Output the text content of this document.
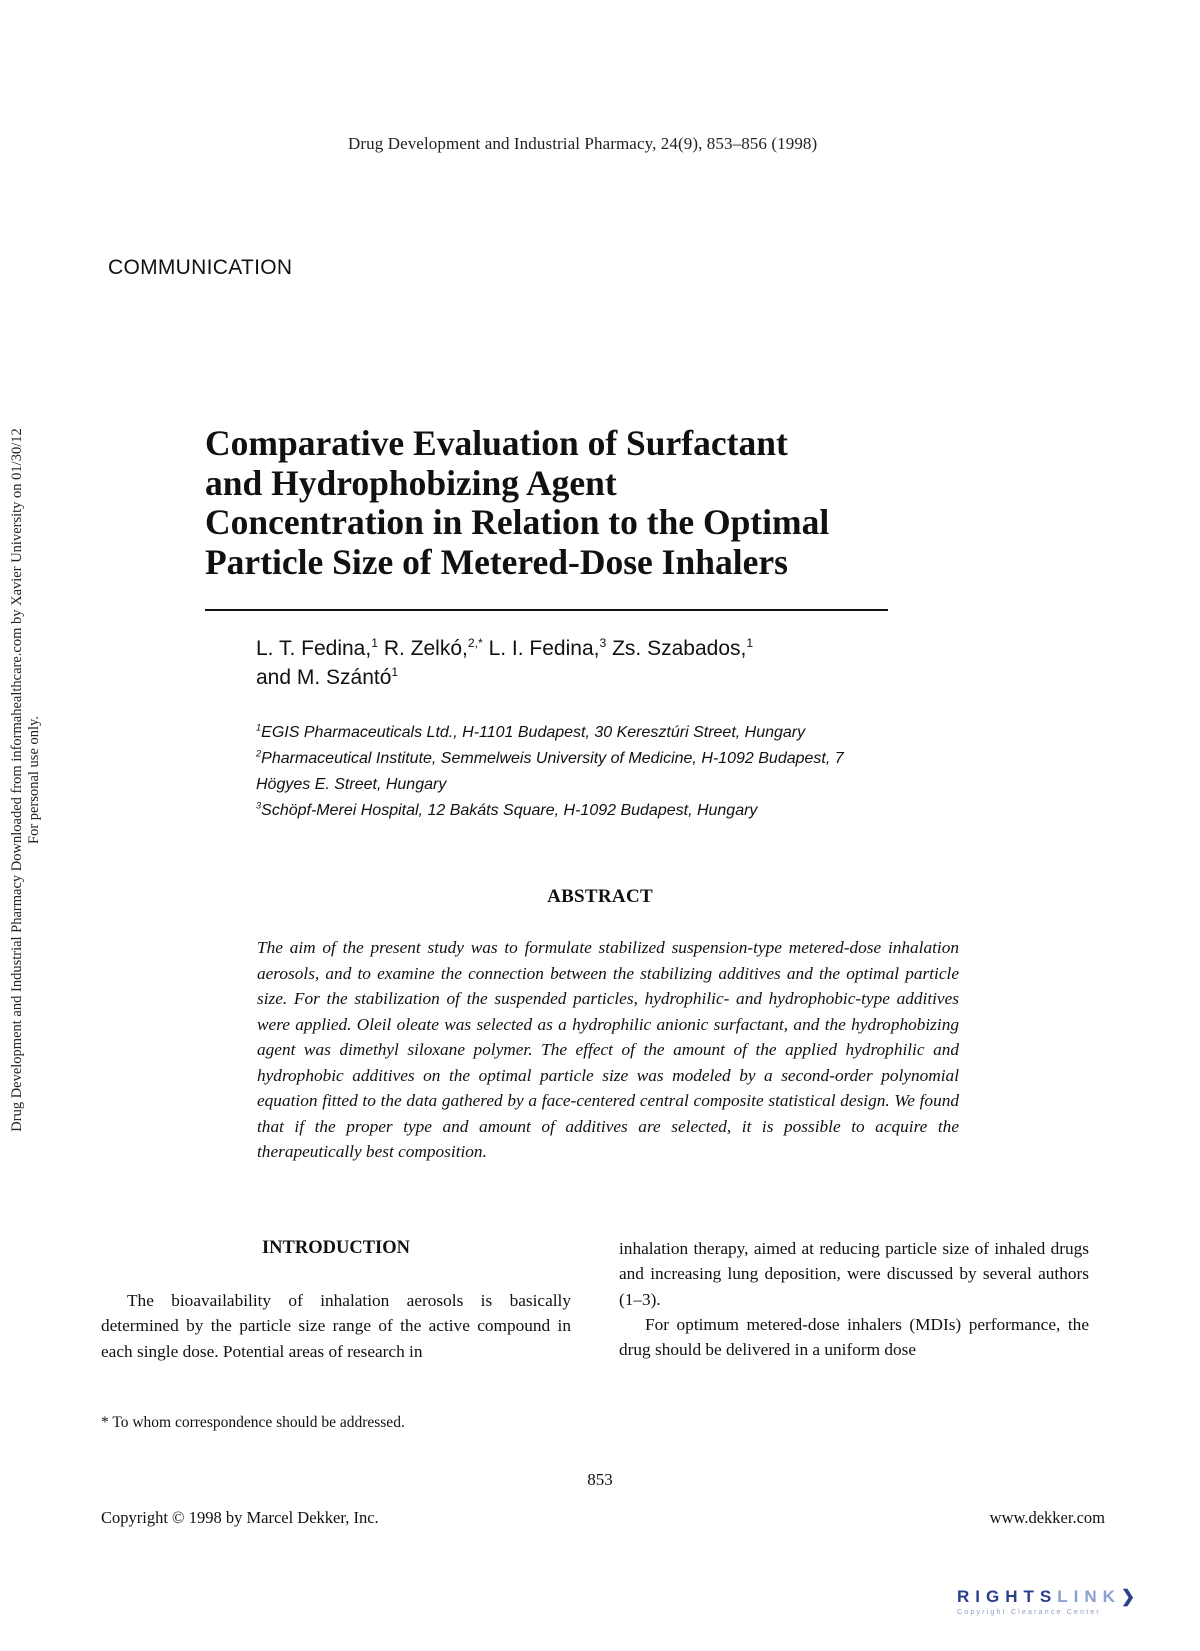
Drug Development and Industrial Pharmacy, 24(9), 853–856 (1998)
COMMUNICATION
Drug Development and Industrial Pharmacy Downloaded from informahealthcare.com by Xavier University on 01/30/12 For personal use only.
Comparative Evaluation of Surfactant
and Hydrophobizing Agent
Concentration in Relation to the Optimal
Particle Size of Metered-Dose Inhalers
L. T. Fedina,$^1$ R. Zelkó,$^{2,*}$ L. I. Fedina,$^3$ Zs. Szabados,$^1$
and M. Szántó$^1$
$^1$EGIS Pharmaceuticals Ltd., H-1101 Budapest, 30 Keresztúri Street, Hungary
$^2$Pharmaceutical Institute, Semmelweis University of Medicine, H-1092 Budapest, 7 Högyes E. Street, Hungary
$^3$Schöpf-Merei Hospital, 12 Bakáts Square, H-1092 Budapest, Hungary
ABSTRACT
The aim of the present study was to formulate stabilized suspension-type metered-dose inhalation aerosols, and to examine the connection between the stabilizing additives and the optimal particle size. For the stabilization of the suspended particles, hydrophilic- and hydrophobic-type additives were applied. Oleil oleate was selected as a hydrophilic anionic surfactant, and the hydrophobizing agent was dimethyl siloxane polymer. The effect of the amount of the applied hydrophilic and hydrophobic additives on the optimal particle size was modeled by a second-order polynomial equation fitted to the data gathered by a face-centered central composite statistical design. We found that if the proper type and amount of additives are selected, it is possible to acquire the therapeutically best composition.
INTRODUCTION

The bioavailability of inhalation aerosols is basically determined by the particle size range of the active compound in each single dose. Potential areas of research in

inhalation therapy, aimed at reducing particle size of inhaled drugs and increasing lung deposition, were discussed by several authors (1–3).

For optimum metered-dose inhalers (MDIs) performance, the drug should be delivered in a uniform dose

* To whom correspondence should be addressed.
853
Copyright © 1998 by Marcel Dekker, Inc.	www.dekker.com
RIGHTSLINK❯
Copyright Clearance Center
